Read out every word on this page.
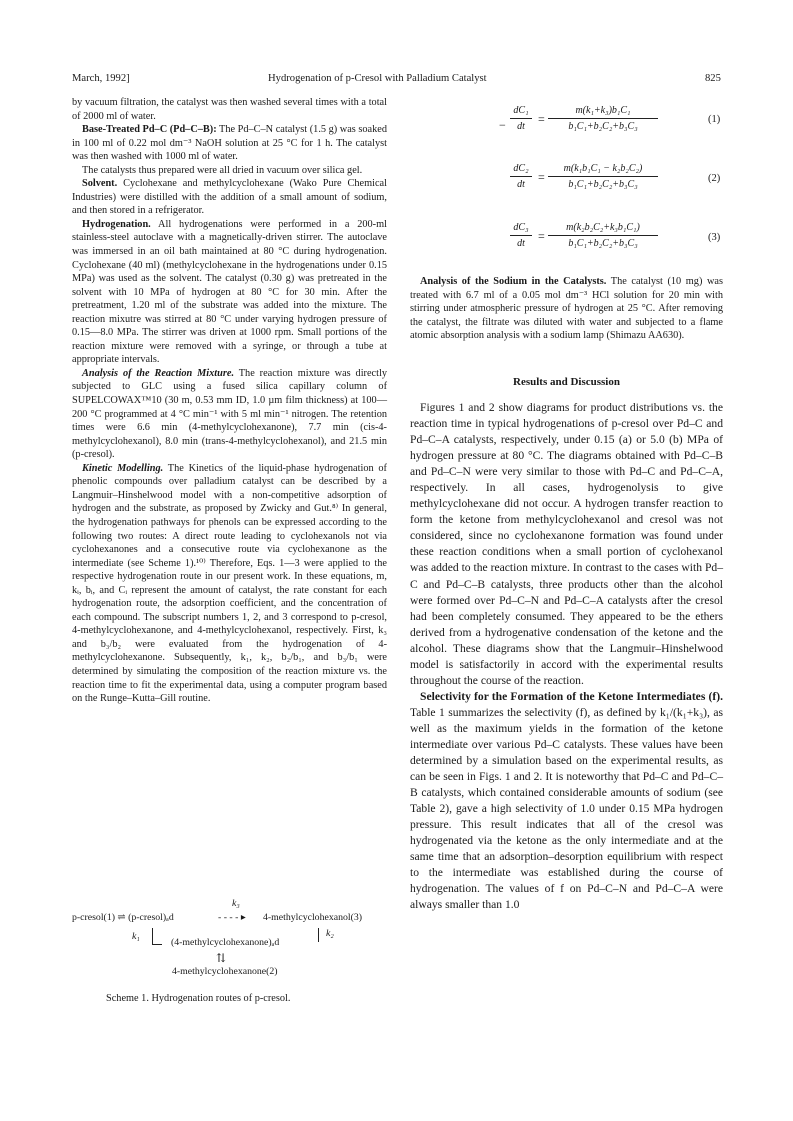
March, 1992]	Hydrogenation of p-Cresol with Palladium Catalyst	825

by vacuum filtration, the catalyst was then washed several times with a total of 2000 ml of water.

Base-Treated Pd–C (Pd–C–B): The Pd–C–N catalyst (1.5 g) was soaked in 100 ml of 0.22 mol dm⁻³ NaOH solution at 25 °C for 1 h. The catalyst was then washed with 1000 ml of water.

The catalysts thus prepared were all dried in vacuum over silica gel.

Solvent. Cyclohexane and methylcyclohexane (Wako Pure Chemical Industries) were distilled with the addition of a small amount of sodium, and then stored in a refrigerator.

Hydrogenation. All hydrogenations were performed in a 200-ml stainless-steel autoclave with a magnetically-driven stirrer. The autoclave was immersed in an oil bath maintained at 80 °C during hydrogenation. Cyclohexane (40 ml) (methylcyclohexane in the hydrogenations under 0.15 MPa) was used as the solvent. The catalyst (0.30 g) was pretreated in the solvent with 10 MPa of hydrogen at 80 °C for 30 min. After the pretreatment, 1.20 ml of the substrate was added into the mixture. The reaction mixutre was stirred at 80 °C under varying hydrogen pressure of 0.15—8.0 MPa. The stirrer was driven at 1000 rpm. Small portions of the reaction mixture were removed with a syringe, or through a tube at appropriate intervals.

Analysis of the Reaction Mixture. The reaction mixture was directly subjected to GLC using a fused silica capillary column of SUPELCOWAX™10 (30 m, 0.53 mm ID, 1.0 µm film thickness) at 100—200 °C programmed at 4 °C min⁻¹ with 5 ml min⁻¹ nitrogen. The retention times were 6.6 min (4-methylcyclohexanone), 7.7 min (cis-4-methylcyclohexanol), 8.0 min (trans-4-methylcyclohexanol), and 21.5 min (p-cresol).

Kinetic Modelling. The Kinetics of the liquid-phase hydrogenation of phenolic compounds over palladium catalyst can be described by a Langmuir–Hinshelwood model with a non-competitive adsorption of hydrogen and the substrate, as proposed by Zwicky and Gut.⁸⁾ In general, the hydrogenation pathways for phenols can be expressed according to the following two routes: A direct route leading to cyclohexanols not via cyclohexanones and a consecutive route via cyclohexanone as the intermediate (see Scheme 1).¹⁰⁾ Therefore, Eqs. 1—3 were applied to the respective hydrogenation route in our present work. In these equations, m, kᵢ, bᵢ, and Cᵢ represent the amount of catalyst, the rate constant for each hydrogenation route, the adsorption coefficient, and the concentration of each compound. The subscript numbers 1, 2, and 3 correspond to p-cresol, 4-methylcyclohexanone, and 4-methylcyclohexanol, respectively. First, k₃ and b₃/b₂ were evaluated from the hydrogenation of 4-methylcyclohexanone. Subsequently, k₁, k₂, b₂/b₁, and b₃/b₁ were determined by simulating the composition of the reaction mixture vs. the reaction time to fit the experimental data, using a computer program based on the Runge–Kutta–Gill routine.

k₃
p-cresol(1) ⇌ (p-cresol)ₐd	- - - - ▸ 4-methylcyclohexanol(3)
k₁
(4-methylcyclohexanone)ₐd
k₂
⇅
4-methylcyclohexanone(2)
Scheme 1. Hydrogenation routes of p-cresol.
−
dC₁
dt
=
m(k₁+k₃)b₁C₁
b₁C₁+b₂C₂+b₃C₃
(1)
dC₂
dt
=
m(k₁b₁C₁ − k₂b₂C₂)
b₁C₁+b₂C₂+b₃C₃
(2)
dC₃
dt
=
m(k₂b₂C₂+k₃b₁C₁)
b₁C₁+b₂C₂+b₃C₃
(3)

Analysis of the Sodium in the Catalysts. The catalyst (10 mg) was treated with 6.7 ml of a 0.05 mol dm⁻³ HCl solution for 20 min with stirring under atmospheric pressure of hydrogen at 25 °C. After removing the catalyst, the filtrate was diluted with water and subjected to a flame atomic absorption analysis with a sodium lamp (Shimazu AA630).

Results and Discussion

Figures 1 and 2 show diagrams for product distributions vs. the reaction time in typical hydrogenations of p-cresol over Pd–C and Pd–C–A catalysts, respectively, under 0.15 (a) or 5.0 (b) MPa of hydrogen pressure at 80 °C. The diagrams obtained with Pd–C–B and Pd–C–N were very similar to those with Pd–C and Pd–C–A, respectively. In all cases, hydrogenolysis to give methylcyclohexane did not occur. A hydrogen transfer reaction to form the ketone from methylcyclohexanol and cresol was not considered, since no cyclohexanone formation was found under these reaction conditions when a small portion of cyclohexanol was added to the reaction mixture. In contrast to the cases with Pd–C and Pd–C–B catalysts, three products other than the alcohol were formed over Pd–C–N and Pd–C–A catalysts after the cresol had been completely consumed. They appeared to be the ethers derived from a hydrogenative condensation of the ketone and the alcohol. These diagrams show that the Langmuir–Hinshelwood model is satisfactorily in accord with the experimental results throughout the course of the reaction.

Selectivity for the Formation of the Ketone Intermediates (f). Table 1 summarizes the selectivity (f), as defined by k₁/(k₁+k₃), as well as the maximum yields in the formation of the ketone intermediate over various Pd–C catalysts. These values have been determined by a simulation based on the experimental results, as can be seen in Figs. 1 and 2. It is noteworthy that Pd–C and Pd–C–B catalysts, which contained considerable amounts of sodium (see Table 2), gave a high selectivity of 1.0 under 0.15 MPa hydrogen pressure. This result indicates that all of the cresol was hydrogenated via the ketone as the only intermediate and at the same time that an adsorption–desorption equilibrium with respect to the intermediate was established during the course of hydrogenation. The values of f on Pd–C–N and Pd–C–A were always smaller than 1.0
